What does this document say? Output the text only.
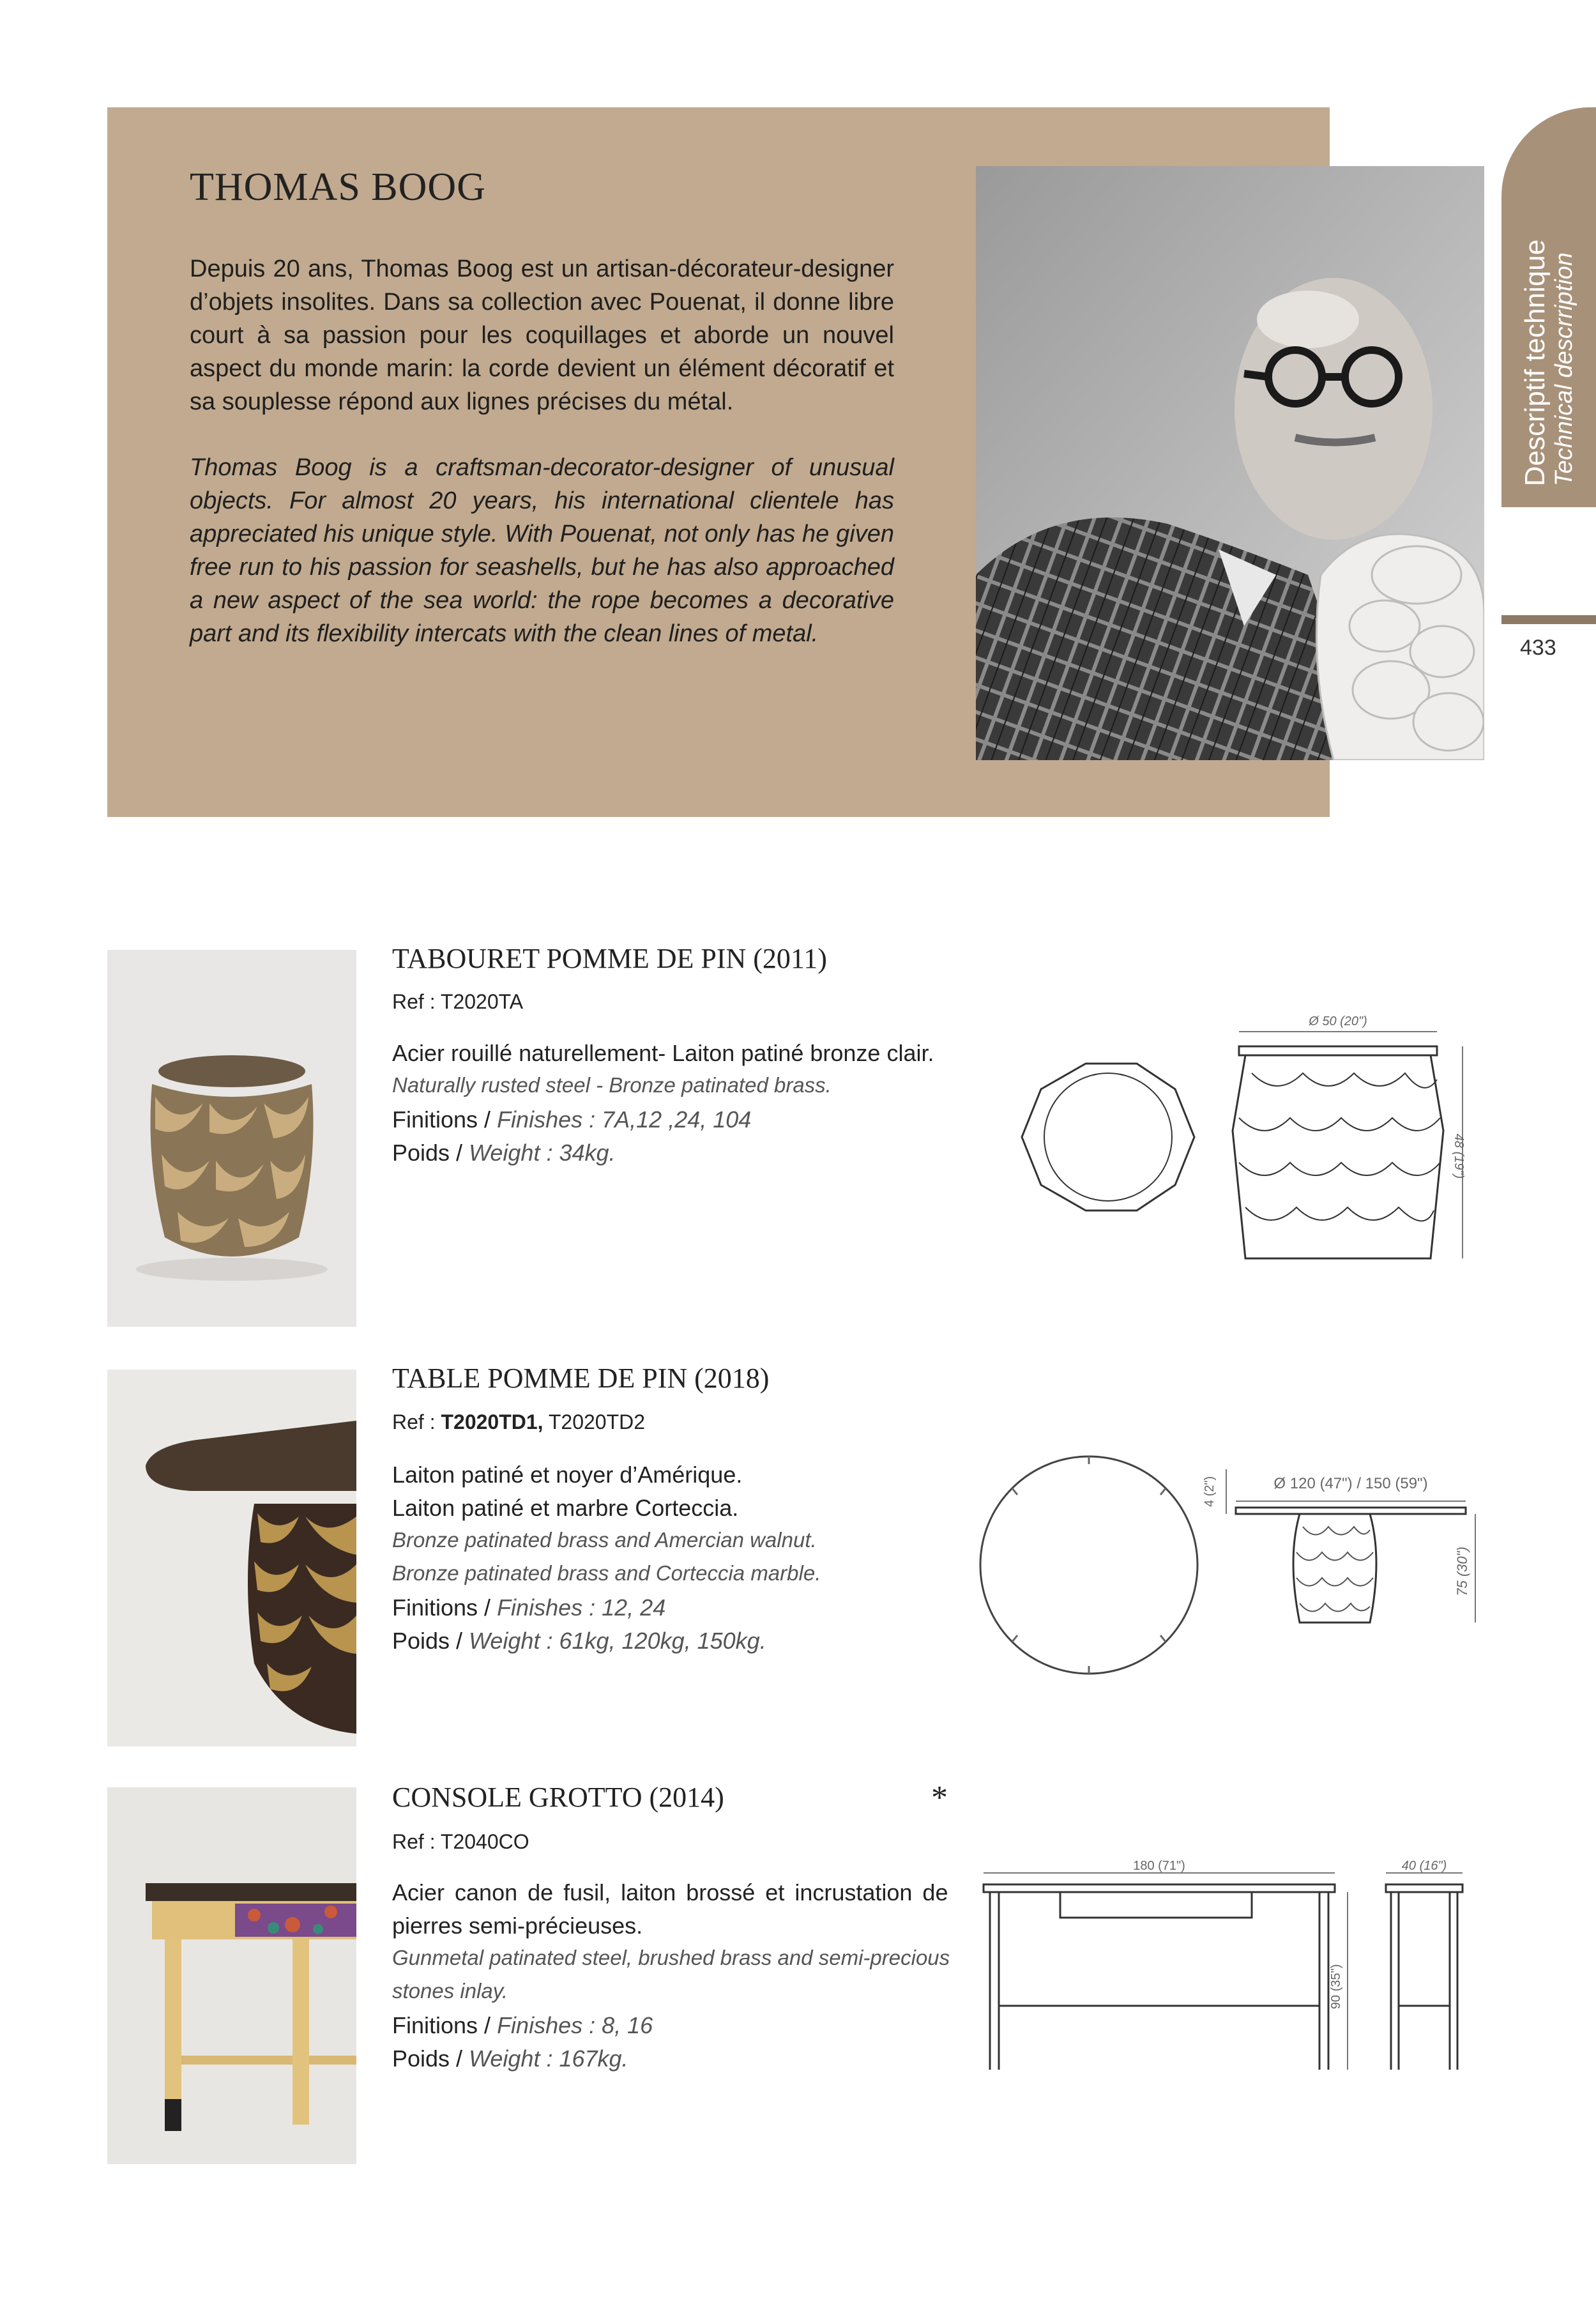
THOMAS BOOG
Depuis 20 ans, Thomas Boog est un artisan-décorateur-designer d’objets insolites. Dans sa collection avec Pouenat, il donne libre court à sa passion pour les coquillages et aborde un nouvel aspect du monde marin: la corde devient un élément décoratif et sa souplesse répond aux lignes précises du métal.
Thomas Boog is a craftsman-decorator-designer of unusual objects. For almost 20 years, his international clientele has appreciated his unique style. With Pouenat, not only has he given free run to his passion for seashells, but he has also approached a new aspect of the sea world: the rope becomes a decorative part and its flexibility intercats with the clean lines of metal.
Descriptif technique Technical descrription
433
TABOURET POMME DE PIN (2011)
Ref : T2020TA
Acier rouillé naturellement- Laiton patiné bronze clair.
Naturally rusted steel - Bronze patinated brass.
Finitions / Finishes : 7A,12 ,24, 104
Poids / Weight : 34kg.
Ø 50 (20")
48 (19")
TABLE POMME DE PIN (2018)
Ref : T2020TD1, T2020TD2
Laiton patiné et noyer d’Amérique.
Laiton patiné et marbre Corteccia.
Bronze patinated brass and Amercian walnut.
Bronze patinated brass and Corteccia marble.
Finitions / Finishes : 12, 24
Poids / Weight : 61kg, 120kg, 150kg.
Ø 120 (47") / 150 (59")
4 (2")
75 (30")
CONSOLE GROTTO (2014)	*
Ref : T2040CO
Acier canon de fusil, laiton brossé et incrustation de
pierres semi-précieuses.
Gunmetal patinated steel, brushed brass and semi-precious
stones inlay.
Finitions / Finishes : 8, 16
Poids / Weight : 167kg.
180 (71")	40 (16")
90 (35")
